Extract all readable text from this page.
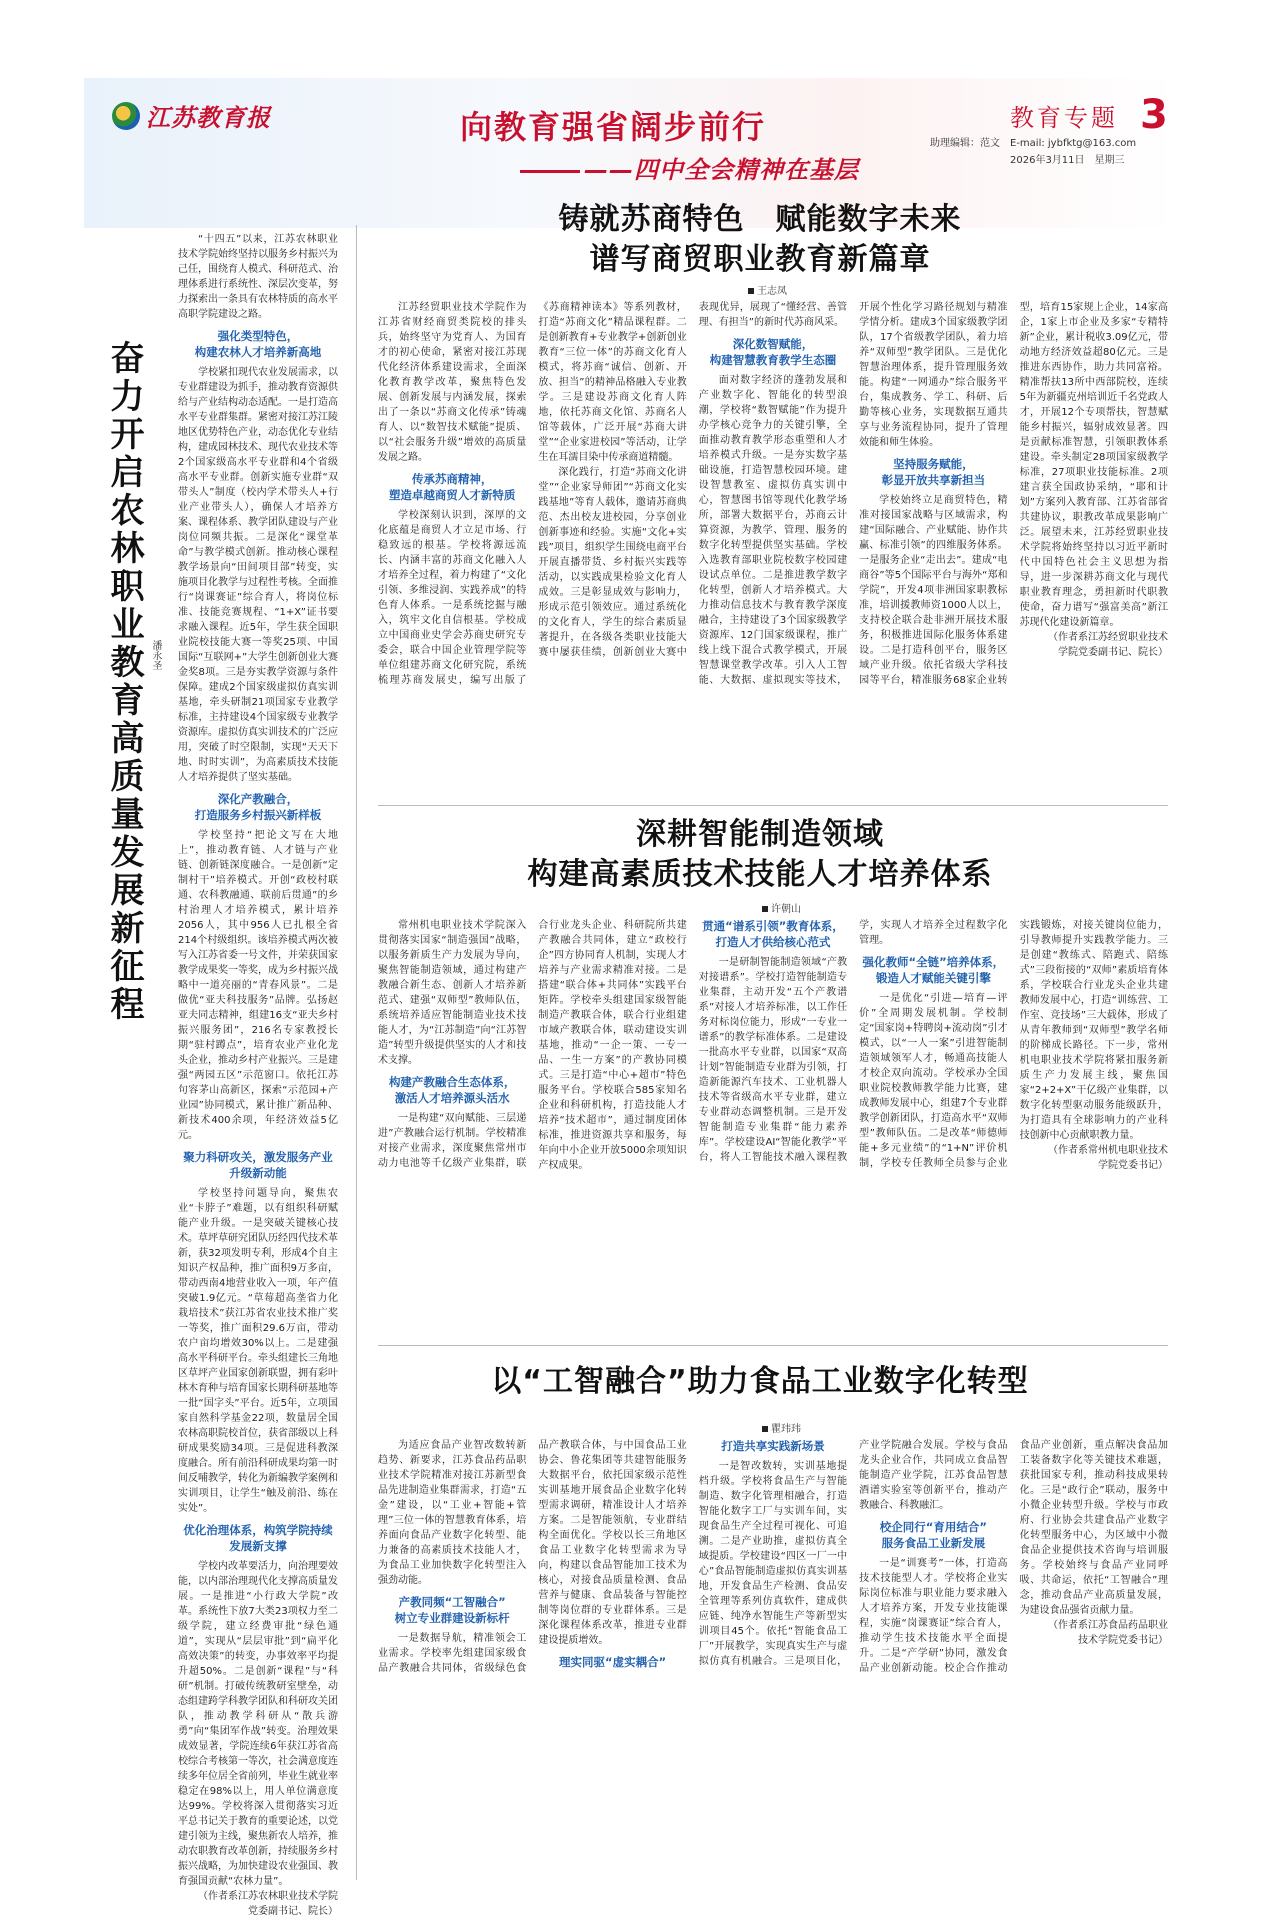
江苏教育报	向教育强省阔步前行
——四中全会精神在基层
教育专题 3
助理编辑：范文　E-mail: jybfktg@163.com
2026年3月11日　星期三
奋力开启农林职业教育高质量发展新征程 潘永圣

“十四五”以来，江苏农林职业技术学院始终坚持以服务乡村振兴为己任，围绕育人模式、科研范式、治理体系进行系统性、深层次变革，努力探索出一条具有农林特质的高水平高职学院建设之路。

强化类型特色，
构建农林人才培养新高地

学校紧扣现代农业发展需求，以专业群建设为抓手，推动教育资源供给与产业结构动态适配。一是打造高水平专业群集群。紧密对接江苏江陵地区优势特色产业，动态优化专业结构，建成园林技术、现代农业技术等2个国家级高水平专业群和4个省级高水平专业群。创新实施专业群“双带头人”制度（校内学术带头人+行业产业带头人），确保人才培养方案、课程体系、教学团队建设与产业岗位同频共振。二是深化“课堂革命”与教学模式创新。推动核心课程教学场景向“田间项目部”转变，实施项目化教学与过程性考核。全面推行“岗课赛证”综合育人，将岗位标准、技能竞赛规程、“1+X”证书要求融入课程。近5年，学生获全国职业院校技能大赛一等奖25项、中国国际“互联网+”大学生创新创业大赛金奖8项。三是夯实教学资源与条件保障。建成2个国家级虚拟仿真实训基地，牵头研制21项国家专业教学标准，主持建设4个国家级专业教学资源库。虚拟仿真实训技术的广泛应用，突破了时空限制，实现“天天下地、时时实训”，为高素质技术技能人才培养提供了坚实基础。

深化产教融合，
打造服务乡村振兴新样板

学校坚持“把论文写在大地上”，推动教育链、人才链与产业链、创新链深度融合。一是创新“定制村干”培养模式。开创“政校村联通、农科教融通、联前后贯通”的乡村治理人才培养模式，累计培养2056人，其中956人已扎根全省214个村级组织。该培养模式两次被写入江苏省委一号文件，并荣获国家教学成果奖一等奖，成为乡村振兴战略中一道亮丽的“青春风景”。二是做优“亚夫科技服务”品牌。弘扬赵亚夫同志精神，组建16支“亚夫乡村振兴服务团”，216名专家教授长期“驻村蹲点”，培育农业产业化龙头企业，推动乡村产业振兴。三是建强“两园五区”示范窗口。依托江苏句容茅山高新区，探索“示范园+产业园”协同模式，累计推广新品种、新技术400余项，年经济效益5亿元。

聚力科研攻关，激发服务产业升级新动能

学校坚持问题导向，聚焦农业“卡脖子”难题，以有组织科研赋能产业升级。一是突破关键核心技术。草坪草研究团队历经四代技术革新，获32项发明专利，形成4个自主知识产权品种，推广面积9万多亩，带动西南4地营业收入一项，年产值突破1.9亿元。“草莓超高垄省力化栽培技术”获江苏省农业技术推广奖一等奖，推广面积29.6万亩，带动农户亩均增效30%以上。二是建强高水平科研平台。牵头组建长三角地区草坪产业国家创新联盟，拥有彩叶林木育种与培育国家长期科研基地等一批“国字头”平台。近5年，立项国家自然科学基金22项，数量居全国农林高职院校首位，获省部级以上科研成果奖励34项。三是促进科教深度融合。所有前沿科研成果均第一时间反哺教学，转化为新编教学案例和实训项目，让学生“触及前沿、练在实处”。

优化治理体系，构筑学院持续发展新支撑

学校内改革要活力，向治理要效能，以内部治理现代化支撑高质量发展。一是推进“小行政大学院”改革。系统性下放7大类23项权力至二级学院，建立经费审批“绿色通道”，实现从“层层审批”到“扁平化高效决策”的转变，办事效率平均提升超50%。二是创新“课程”与“科研”机制。打破传统教研室壁垒，动态组建跨学科教学团队和科研攻关团队，推动教学科研从“散兵游勇”向“集团军作战”转变。治理效果成效显著，学院连续6年获江苏省高校综合考核第一等次，社会满意度连续多年位居全省前列，毕业生就业率稳定在98%以上，用人单位满意度达99%。学校将深入贯彻落实习近平总书记关于教育的重要论述，以党建引领为主线，聚焦新农人培养，推动农职教育改革创新，持续服务乡村振兴战略，为加快建设农业强国、教育强国贡献“农林力量”。

（作者系江苏农林职业技术学院党委副书记、院长）

铸就苏商特色　赋能数字未来
谱写商贸职业教育新篇章
王志凤

江苏经贸职业技术学院作为江苏省财经商贸类院校的排头兵，始终坚守为党育人、为国育才的初心使命，紧密对接江苏现代化经济体系建设需求，全面深化教育教学改革，聚焦特色发展、创新发展与内涵发展，探索出了一条以“苏商文化传承”铸魂育人、以“数智技术赋能”提质、以“社会服务升级”增效的高质量发展之路。

传承苏商精神，
塑造卓越商贸人才新特质

学校深刻认识到，深厚的文化底蕴是商贸人才立足市场、行稳致远的根基。学校将源远流长、内涵丰富的苏商文化融入人才培养全过程，着力构建了“文化引领、多维浸润、实践养成”的特色育人体系。一是系统挖掘与融入，筑牢文化自信根基。学校成立中国商业史学会苏商史研究专委会，联合中国企业管理学院等单位组建苏商文化研究院，系统梳理苏商发展史，编写出版了《苏商精神读本》等系列教材，打造“苏商文化”精品课程群。二是创新教育+专业教学+创新创业教育“三位一体”的苏商文化育人模式，将苏商“诚信、创新、开放、担当”的精神品格融入专业教学。三是建设苏商文化育人阵地，依托苏商文化馆、苏商名人馆等载体，广泛开展“苏商大讲堂”“企业家进校园”等活动，让学生在耳濡目染中传承商道精髓。

深化践行，打造“苏商文化讲堂”“企业家导师团”“苏商文化实践基地”等育人载体，邀请苏商典范、杰出校友进校园，分享创业创新事迹和经验。实施“文化+实践”项目，组织学生围绕电商平台开展直播带货、乡村振兴实践等活动，以实践成果检验文化育人成效。三是彰显成效与影响力，形成示范引领效应。通过系统化的文化育人，学生的综合素质显著提升，在各级各类职业技能大赛中屡获佳绩，创新创业大赛中表现优异，展现了“懂经营、善管理、有担当”的新时代苏商风采。

深化数智赋能，
构建智慧教育教学生态圈

面对数字经济的蓬勃发展和产业数字化、智能化的转型浪潮，学校将“数智赋能”作为提升办学核心竞争力的关键引擎，全面推动教育教学形态重塑和人才培养模式升级。一是夯实数字基础设施，打造智慧校园环境。建设智慧教室、虚拟仿真实训中心，智慧图书馆等现代化教学场所，部署大数据平台，苏商云计算资源，为教学、管理、服务的数字化转型提供坚实基础。学校入选教育部职业院校数字校园建设试点单位。二是推进教学数字化转型，创新人才培养模式。大力推动信息技术与教育教学深度融合，主持建设了3个国家级教学资源库、12门国家级课程，推广线上线下混合式教学模式，开展智慧课堂教学改革。引入人工智能、大数据、虚拟现实等技术，开展个性化学习路径规划与精准学情分析。建成3个国家级教学团队，17个省级教学团队，着力培养“双师型”教学团队。三是优化智慧治理体系，提升管理服务效能。构建“一网通办”综合服务平台，集成教务、学工、科研、后勤等核心业务，实现数据互通共享与业务流程协同，提升了管理效能和师生体验。

坚持服务赋能，
彰显开放共享新担当

学校始终立足商贸特色，精准对接国家战略与区域需求，构建“国际融合、产业赋能、协作共赢、标准引领”的四维服务体系。一是服务企业“走出去”。建成“电商谷”等5个国际平台与海外“郑和学院”，开发4项非洲国家职教标准，培训援教师资1000人以上，支持校企联合赴非洲开展技术服务，积极推进国际化服务体系建设。二是打造科创平台，服务区域产业升级。依托省级大学科技园等平台，精准服务68家企业转型，培育15家规上企业，14家高企，1家上市企业及多家“专精特新”企业，累计税收3.09亿元，带动地方经济效益超80亿元。三是推进东西协作，助力共同富裕。精准帮扶13所中西部院校，连续5年为新疆克州培训近千名党政人才，开展12个专项帮扶，智慧赋能乡村振兴，辐射成效显著。四是贡献标准智慧，引领职教体系建设。牵头制定28项国家级教学标准，27项职业技能标准。2项建言获全国政协采纳，“耶和计划”方案列入教育部、江苏省部省共建协议，职教改革成果影响广泛。展望未来，江苏经贸职业技术学院将始终坚持以习近平新时代中国特色社会主义思想为指导，进一步深耕苏商文化与现代职业教育理念，勇担新时代职教使命，奋力谱写“强富美高”新江苏现代化建设新篇章。

（作者系江苏经贸职业技术学院党委副书记、院长）

深耕智能制造领域
构建高素质技术技能人才培养体系
许朝山

常州机电职业技术学院深入贯彻落实国家“制造强国”战略，以服务新质生产力发展为导向，聚焦智能制造领域，通过构建产教融合新生态、创新人才培养新范式、建强“双师型”教师队伍，系统培养适应智能制造业技术技能人才，为“江苏制造”向“江苏智造”转型升级提供坚实的人才和技术支撑。

构建产教融合生态体系，
激活人才培养源头活水

一是构建“双向赋能、三层递进”产教融合运行机制。学校精准对接产业需求，深度聚焦常州市动力电池等千亿级产业集群，联合行业龙头企业、科研院所共建产教融合共同体，建立“政校行企”四方协同育人机制，实现人才培养与产业需求精准对接。二是搭建“联合体+共同体”实践平台矩阵。学校牵头组建国家级智能制造产教联合体，联合行业组建市域产教联合体，联动建设实训基地，推动“一企一策、一专一品、一生一方案”的产教协同模式。三是打造“中心+超市”特色服务平台。学校联合585家知名企业和科研机构，打造技能人才培养“技术超市”，通过制度团体标准，推进资源共享和服务，每年向中小企业开放5000余项知识产权成果。

贯通“谱系引领”教育体系，
打造人才供给核心范式

一是研制智能制造领域“产教对接谱系”。学校打造智能制造专业集群，主动开发“五个产教谱系”对接人才培养标准，以工作任务对标岗位能力，形成“一专业一谱系”的教学标准体系。二是建设一批高水平专业群，以国家“双高计划”智能制造专业群为引领，打造新能源汽车技术、工业机器人技术等省级高水平专业群，建立专业群动态调整机制。三是开发智能制造专业集群“能力素养库”。学校建设AI“智能化教学”平台，将人工智能技术融入课程教学，实现人才培养全过程数字化管理。

强化教师“全链”培养体系，
锻造人才赋能关键引擎

一是优化“引进—培育—评价”全周期发展机制。学校制定“国家岗+特聘岗+流动岗”引才模式，以“一人一案”引进智能制造领域领军人才，畅通高技能人才校企双向流动。学校承办全国职业院校教师教学能力比赛，建成教师发展中心，组建7个专业群教学创新团队，打造高水平“双师型”教师队伍。二是改革“师德师能+多元业绩”的“1+N”评价机制，学校专任教师全员参与企业实践锻炼，对接关键岗位能力，引导教师提升实践教学能力。三是创建“教练式、陪跑式、陪练式”三段衔接的“双师”素质培育体系，学校联合行业龙头企业共建教师发展中心，打造“训练营、工作室、竞技场”三大载体，形成了从青年教师到“双师型”教学名师的阶梯成长路径。下一步，常州机电职业技术学院将紧扣服务新质生产力发展主线，聚焦国家“2+2+X”干亿级产业集群，以数字化转型驱动服务能级跃升，为打造具有全球影响力的产业科技创新中心贡献职教力量。

（作者系常州机电职业技术学院党委书记）

以“工智融合”助力食品工业数字化转型
瞿玮玮

为适应食品产业智改数转新趋势、新要求，江苏食品药品职业技术学院精准对接江苏新型食品先进制造业集群需求，打造“五金”建设，以“工业+智能+管理”三位一体的智慧教育体系，培养面向食品产业数字化转型、能力兼备的高素质技术技能人才，为食品工业加快数字化转型注入强劲动能。

产教同频“工智融合”
树立专业群建设新标杆

一是数据导航，精准领会工业需求。学校率先组建国家级食品产教融合共同体，省级绿色食品产教联合体，与中国食品工业协会、鲁花集团等共建智能服务大数据平台，依托国家级示范性实训基地开展食品企业数字化转型需求调研，精准设计人才培养方案。二是智能领航，专业群结构全面优化。学校以长三角地区食品工业数字化转型需求为导向，构建以食品智能加工技术为核心，对接食品质量检测、食品营养与健康、食品装备与智能控制等岗位群的专业群体系。三是深化课程体系改革，推进专业群建设提质增效。

理实同驱“虚实耦合”
打造共享实践新场景

一是智改数转，实训基地提档升级。学校将食品生产与智能制造、数字化管理相融合，打造智能化数字工厂与实训车间，实现食品生产全过程可视化、可追溯。二是产业助推，虚拟仿真全域提质。学校建设“四区一厂一中心”食品智能制造虚拟仿真实训基地，开发食品生产检测、食品安全管理等系列仿真软件，建成供应链、纯净水智能生产等新型实训项目45个。依托“智能食品工厂”开展教学，实现真实生产与虚拟仿真有机融合。三是项目化，产业学院融合发展。学校与食品龙头企业合作，共同成立食品智能制造产业学院，江苏食品智慧酒谱实验室等创新平台，推动产教融合、科教融汇。

校企同行“育用结合”
服务食品工业新发展

一是“训赛考”一体，打造高技术技能型人才。学校将企业实际岗位标准与职业能力要求融入人才培养方案，开发专业技能课程，实施“岗课赛证”综合育人，推动学生技术技能水平全面提升。二是“产学研”协同，激发食品产业创新动能。校企合作推动食品产业创新，重点解决食品加工装备数字化等关键技术难题，获批国家专利，推动科技成果转化。三是“政行企”联动，服务中小微企业转型升级。学校与市政府、行业协会共建食品产业数字化转型服务中心，为区域中小微食品企业提供技术咨询与培训服务。学校始终与食品产业同呼吸、共命运，依托“工智融合”理念，推动食品产业高质量发展，为建设食品强省贡献力量。

（作者系江苏食品药品职业技术学院党委书记）
